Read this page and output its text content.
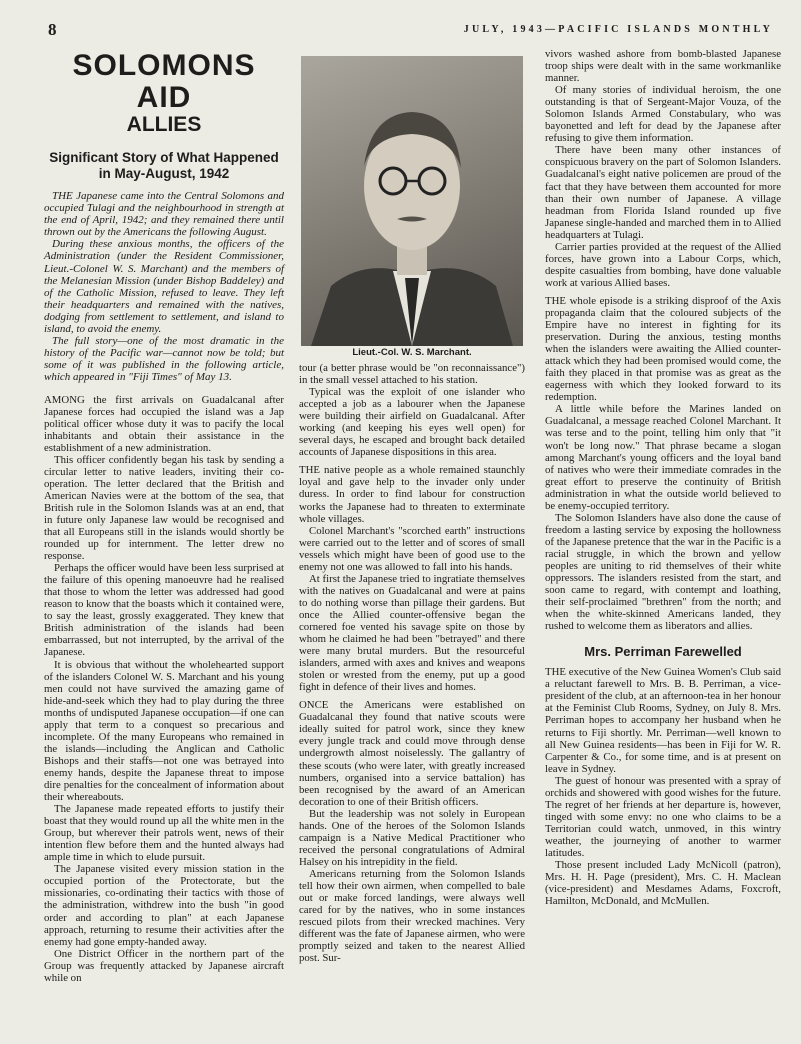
8	JULY, 1943—PACIFIC ISLANDS MONTHLY
SOLOMONS AID
ALLIES
Significant Story of What Happened in May-August, 1942

THE Japanese came into the Central Solomons and occupied Tulagi and the neighbourhood in strength at the end of April, 1942; and they remained there until thrown out by the Americans the following August.

During these anxious months, the officers of the Administration (under the Resident Commissioner, Lieut.-Colonel W. S. Marchant) and the members of the Melanesian Mission (under Bishop Baddeley) and of the Catholic Mission, refused to leave. They left their headquarters and remained with the natives, dodging from settlement to settlement, and island to island, to avoid the enemy.

The full story—one of the most dramatic in the history of the Pacific war—cannot now be told; but some of it was published in the following article, which appeared in "Fiji Times" of May 13.

AMONG the first arrivals on Guadalcanal after Japanese forces had occupied the island was a Jap political officer whose duty it was to pacify the local inhabitants and obtain their assistance in the establishment of a new administration.

This officer confidently began his task by sending a circular letter to native leaders, inviting their co-operation. The letter declared that the British and American Navies were at the bottom of the sea, that British rule in the Solomon Islands was at an end, that in future only Japanese law would be recognised and that all Europeans still in the islands would shortly be rounded up for internment. The letter drew no response.

Perhaps the officer would have been less surprised at the failure of this opening manoeuvre had he realised that those to whom the letter was addressed had good reason to know that the boasts which it contained were, to say the least, grossly exaggerated. They knew that British administration of the islands had been embarrassed, but not interrupted, by the arrival of the Japanese.

It is obvious that without the wholehearted support of the islanders Colonel W. S. Marchant and his young men could not have survived the amazing game of hide-and-seek which they had to play during the three months of undisputed Japanese occupation—if one can apply that term to a conquest so precarious and incomplete. Of the many Europeans who remained in the islands—including the Anglican and Catholic Bishops and their staffs—not one was betrayed into enemy hands, despite the Japanese threat to impose dire penalties for the concealment of information about their whereabouts.

The Japanese made repeated efforts to justify their boast that they would round up all the white men in the Group, but wherever their patrols went, news of their intention flew before them and the hunted always had ample time in which to elude pursuit.

The Japanese visited every mission station in the occupied portion of the Protectorate, but the missionaries, co-ordinating their tactics with those of the administration, withdrew into the bush "in good order and according to plan" at each Japanese approach, returning to resume their activities after the enemy had gone empty-handed away.

One District Officer in the northern part of the Group was frequently attacked by Japanese aircraft while on

Lieut.-Col. W. S. Marchant.

tour (a better phrase would be "on reconnaissance") in the small vessel attached to his station.

Typical was the exploit of one islander who accepted a job as a labourer when the Japanese were building their airfield on Guadalcanal. After working (and keeping his eyes well open) for several days, he escaped and brought back detailed accounts of Japanese dispositions in this area.

THE native people as a whole remained staunchly loyal and gave help to the invader only under duress. In order to find labour for construction works the Japanese had to threaten to exterminate whole villages.

Colonel Marchant's "scorched earth" instructions were carried out to the letter and of scores of small vessels which might have been of good use to the enemy not one was allowed to fall into his hands.

At first the Japanese tried to ingratiate themselves with the natives on Guadalcanal and were at pains to do nothing worse than pillage their gardens. But once the Allied counter-offensive began the cornered foe vented his savage spite on those by whom he claimed he had been "betrayed" and there were many brutal murders. But the resourceful islanders, armed with axes and knives and weapons stolen or wrested from the enemy, put up a good fight in defence of their lives and homes.

ONCE the Americans were established on Guadalcanal they found that native scouts were ideally suited for patrol work, since they knew every jungle track and could move through dense undergrowth almost noiselessly. The gallantry of these scouts (who were later, with greatly increased numbers, organised into a service battalion) has been recognised by the award of an American decoration to one of their British officers.

But the leadership was not solely in European hands. One of the heroes of the Solomon Islands campaign is a Native Medical Practitioner who received the personal congratulations of Admiral Halsey on his intrepidity in the field.

Americans returning from the Solomon Islands tell how their own airmen, when compelled to bale out or make forced landings, were always well cared for by the natives, who in some instances rescued pilots from their wrecked machines. Very different was the fate of Japanese airmen, who were promptly seized and taken to the nearest Allied post. Sur-

vivors washed ashore from bomb-blasted Japanese troop ships were dealt with in the same workmanlike manner.

Of many stories of individual heroism, the one outstanding is that of Sergeant-Major Vouza, of the Solomon Islands Armed Constabulary, who was bayonetted and left for dead by the Japanese after refusing to give them information.

There have been many other instances of conspicuous bravery on the part of Solomon Islanders. Guadalcanal's eight native policemen are proud of the fact that they have between them accounted for more than their own number of Japanese. A village headman from Florida Island rounded up five Japanese single-handed and marched them in to Allied headquarters at Tulagi.

Carrier parties provided at the request of the Allied forces, have grown into a Labour Corps, which, despite casualties from bombing, have done valuable work at various Allied bases.

THE whole episode is a striking disproof of the Axis propaganda claim that the coloured subjects of the Empire have no interest in fighting for its preservation. During the anxious, testing months when the islanders were awaiting the Allied counter-attack which they had been promised would come, the faith they placed in that promise was as great as the eagerness with which they looked forward to its redemption.

A little while before the Marines landed on Guadalcanal, a message reached Colonel Marchant. It was terse and to the point, telling him only that "it won't be long now." That phrase became a slogan among Marchant's young officers and the loyal band of natives who were their immediate comrades in the great effort to preserve the continuity of British administration in what the outside world believed to be enemy-occupied territory.

The Solomon Islanders have also done the cause of freedom a lasting service by exposing the hollowness of the Japanese pretence that the war in the Pacific is a racial struggle, in which the brown and yellow peoples are uniting to rid themselves of their white oppressors. The islanders resisted from the start, and soon came to regard, with contempt and loathing, their self-proclaimed "brethren" from the north; and when the white-skinned Americans landed, they rushed to welcome them as liberators and allies.

Mrs. Perriman Farewelled

THE executive of the New Guinea Women's Club said a reluctant farewell to Mrs. B. B. Perriman, a vice-president of the club, at an afternoon-tea in her honour at the Feminist Club Rooms, Sydney, on July 8. Mrs. Perriman hopes to accompany her husband when he returns to Fiji shortly. Mr. Perriman—well known to all New Guinea residents—has been in Fiji for W. R. Carpenter & Co., for some time, and is at present on leave in Sydney.

The guest of honour was presented with a spray of orchids and showered with good wishes for the future. The regret of her friends at her departure is, however, tinged with some envy: no one who claims to be a Territorian could watch, unmoved, in this wintry weather, the journeying of another to warmer latitudes.

Those present included Lady McNicoll (patron), Mrs. H. H. Page (president), Mrs. C. H. Maclean (vice-president) and Mesdames Adams, Foxcroft, Hamilton, McDonald, and McMullen.
